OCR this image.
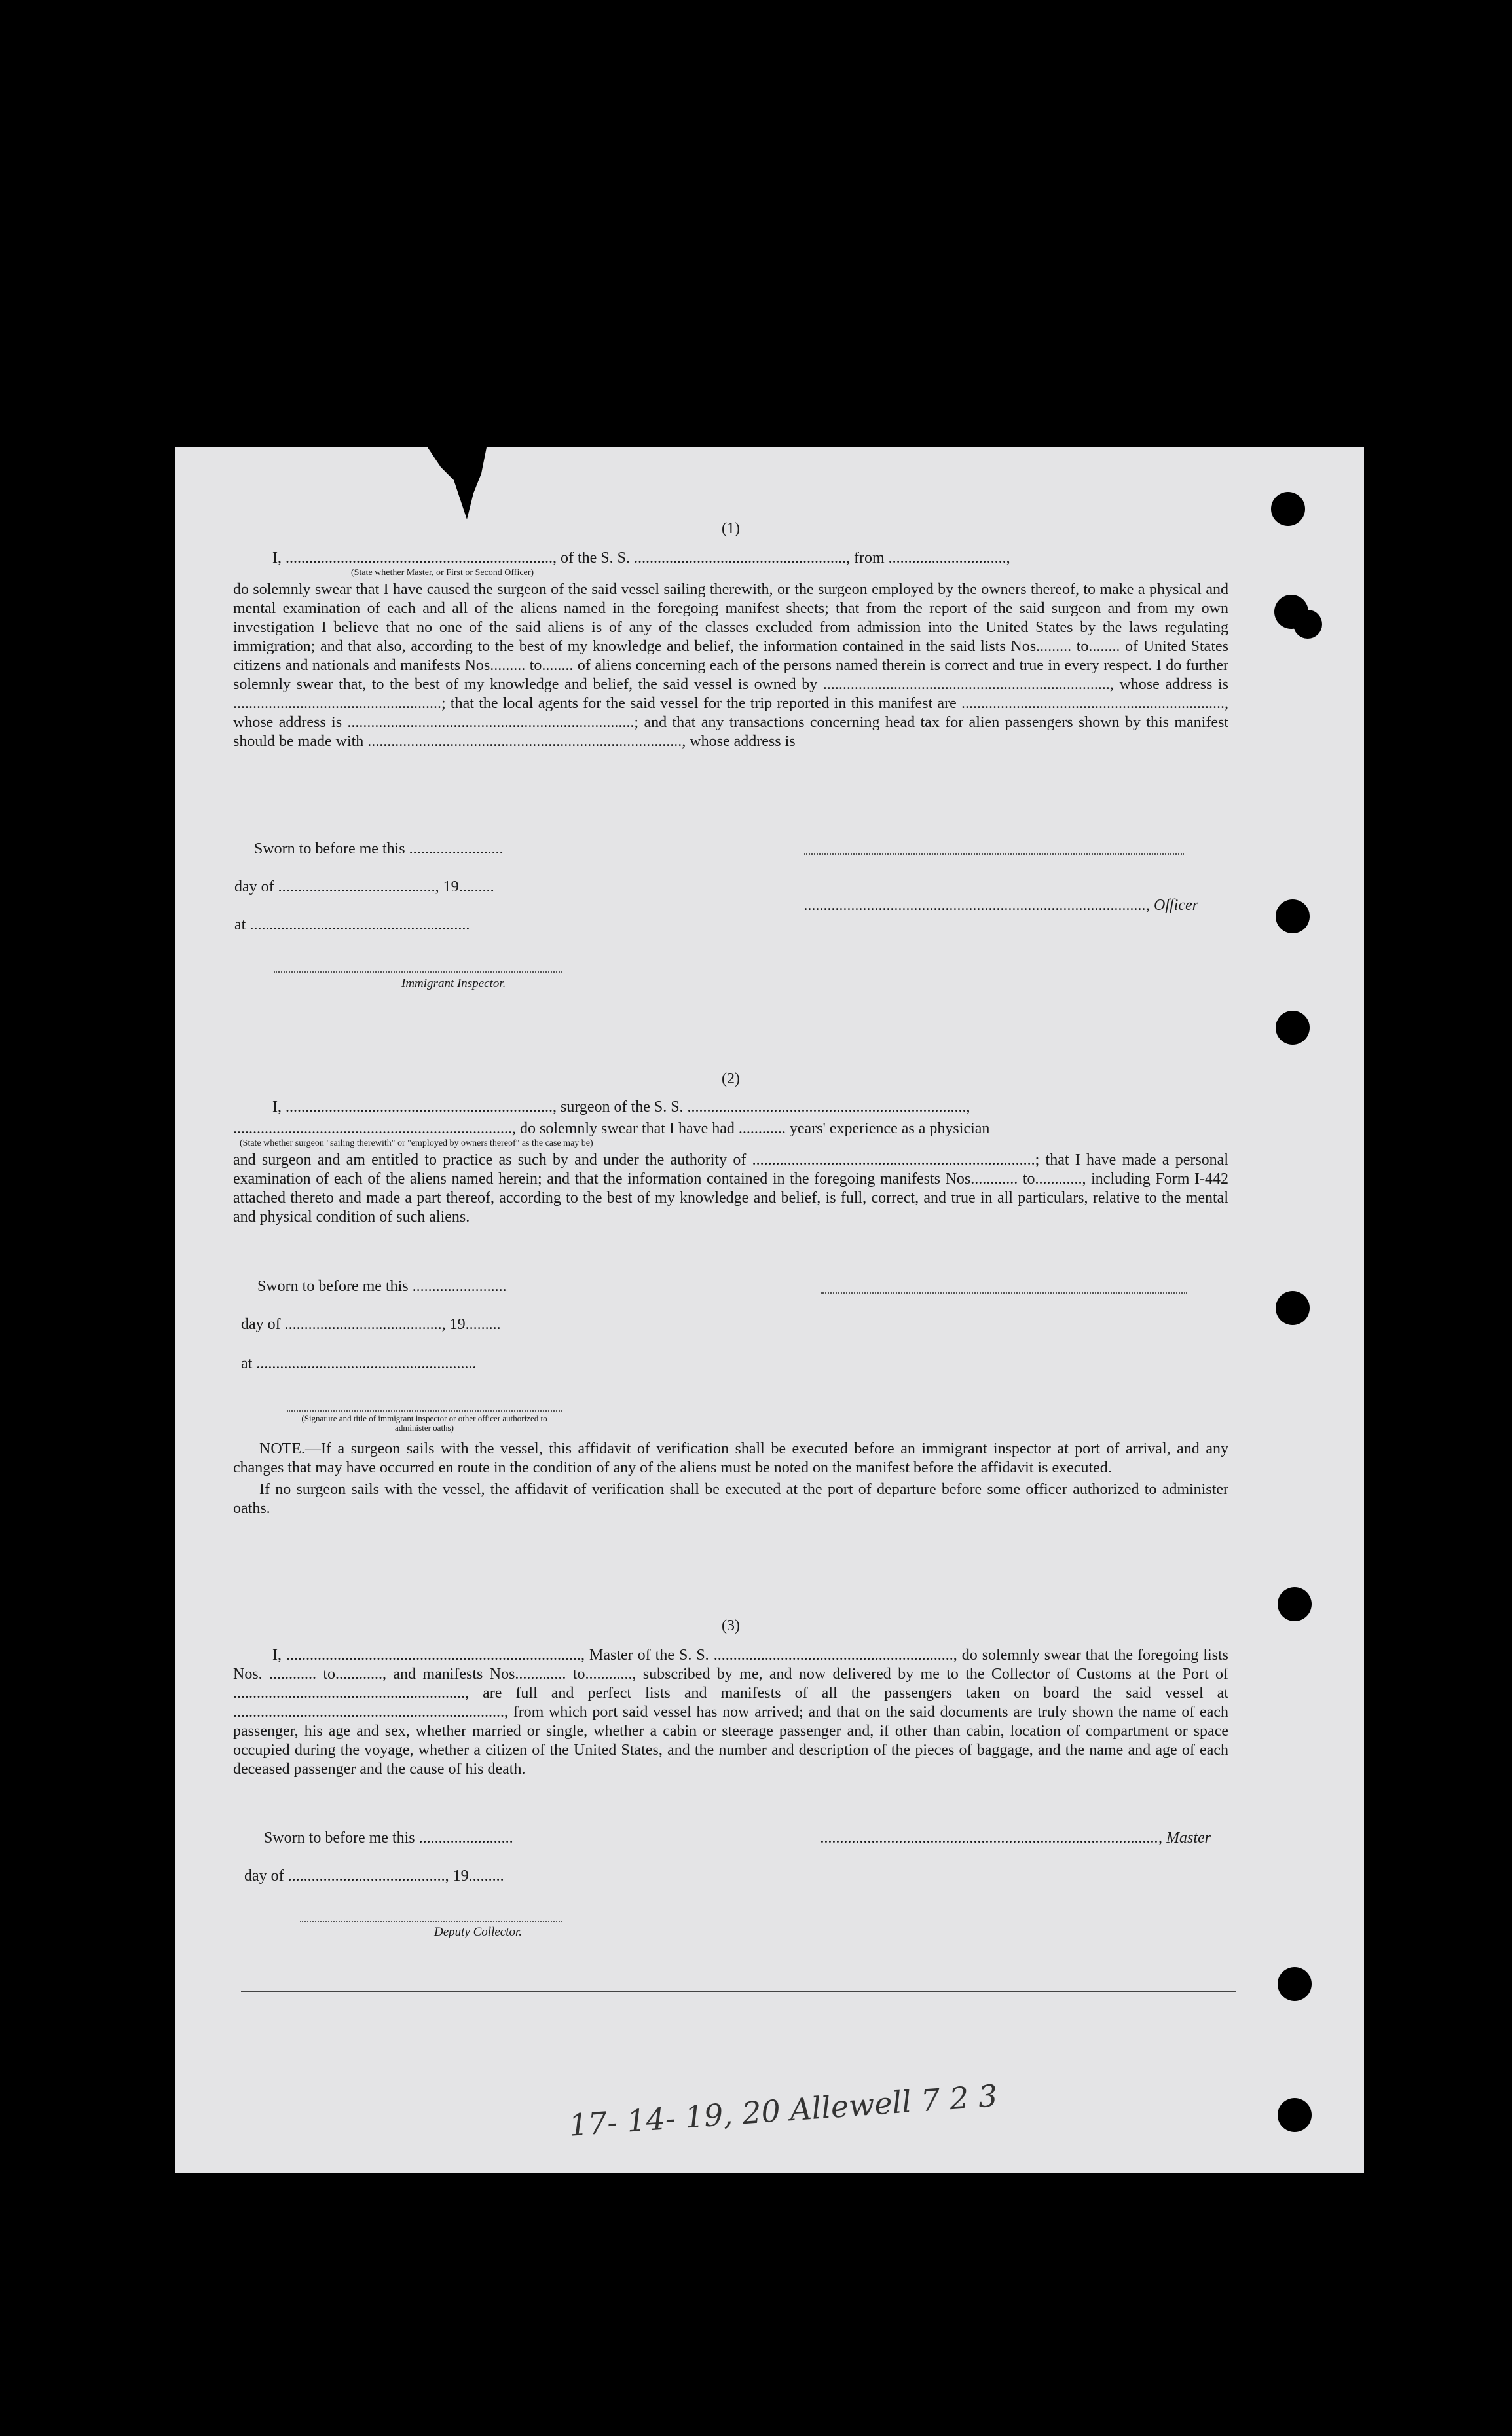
(1)

I, ...................................................................., of the S. S. ......................................................, from ..............................,

(State whether Master, or First or Second Officer)

do solemnly swear that I have caused the surgeon of the said vessel sailing therewith, or the surgeon employed by the owners thereof, to make a physical and mental examination of each and all of the aliens named in the foregoing manifest sheets; that from the report of the said surgeon and from my own investigation I believe that no one of the said aliens is of any of the classes excluded from admission into the United States by the laws regulating immigration; and that also, according to the best of my knowledge and belief, the information contained in the said lists Nos......... to........ of United States citizens and nationals and manifests Nos......... to........ of aliens concerning each of the persons named therein is correct and true in every respect. I do further solemnly swear that, to the best of my knowledge and belief, the said vessel is owned by ........................................................................., whose address is .....................................................; that the local agents for the said vessel for the trip reported in this manifest are ..................................................................., whose address is .........................................................................; and that any transactions concerning head tax for alien passengers shown by this manifest should be made with ................................................................................, whose address is

Sworn to before me this ........................
day of ........................................, 19.........
at ........................................................
Immigrant Inspector.
......................................................................................., Officer

(2)

I, ...................................................................., surgeon of the S. S. .......................................................................,

......................................................................., do solemnly swear that I have had ............ years' experience as a physician

(State whether surgeon "sailing therewith" or "employed by owners thereof" as the case may be)

and surgeon and am entitled to practice as such by and under the authority of ........................................................................; that I have made a personal examination of each of the aliens named herein; and that the information contained in the foregoing manifests Nos............ to............, including Form I-442 attached thereto and made a part thereof, according to the best of my knowledge and belief, is full, correct, and true in all particulars, relative to the mental and physical condition of such aliens.

Sworn to before me this ........................
day of ........................................, 19.........
at ........................................................
(Signature and title of immigrant inspector or other officer authorized to administer oaths)

NOTE.—If a surgeon sails with the vessel, this affidavit of verification shall be executed before an immigrant inspector at port of arrival, and any changes that may have occurred en route in the condition of any of the aliens must be noted on the manifest before the affidavit is executed.

If no surgeon sails with the vessel, the affidavit of verification shall be executed at the port of departure before some officer authorized to administer oaths.

(3)

I, ..........................................................................., Master of the S. S. ............................................................., do solemnly swear that the foregoing lists Nos. ............ to............, and manifests Nos............. to............, subscribed by me, and now delivered by me to the Collector of Customs at the Port of ..........................................................., are full and perfect lists and manifests of all the passengers taken on board the said vessel at ....................................................................., from which port said vessel has now arrived; and that on the said documents are truly shown the name of each passenger, his age and sex, whether married or single, whether a cabin or steerage passenger and, if other than cabin, location of compartment or space occupied during the voyage, whether a citizen of the United States, and the number and description of the pieces of baggage, and the name and age of each deceased passenger and the cause of his death.

Sworn to before me this ........................
day of ........................................, 19.........
Deputy Collector.
......................................................................................, Master
17- 14- 19, 20 Allewell 7 2 3
